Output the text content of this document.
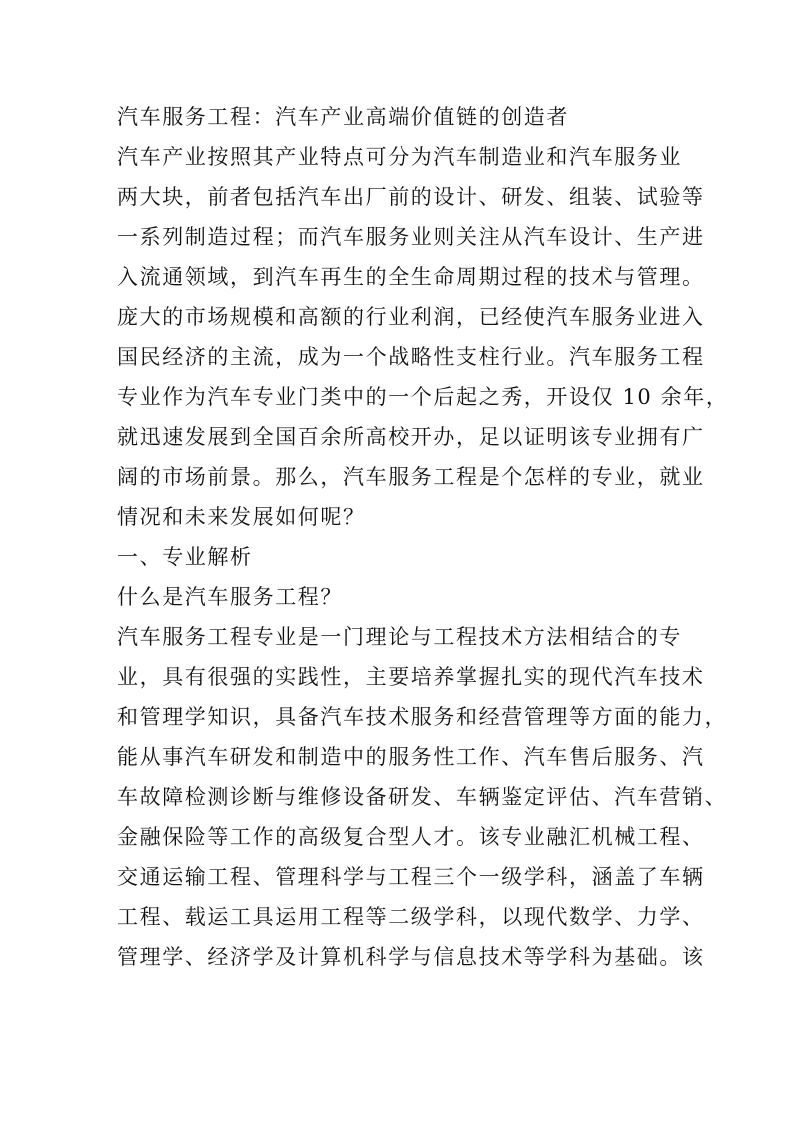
汽车服务工程：汽车产业高端价值链的创造者
汽车产业按照其产业特点可分为汽车制造业和汽车服务业
两大块，前者包括汽车出厂前的设计、研发、组装、试验等
一系列制造过程；而汽车服务业则关注从汽车设计、生产进
入流通领域，到汽车再生的全生命周期过程的技术与管理。
庞大的市场规模和高额的行业利润，已经使汽车服务业进入
国民经济的主流，成为一个战略性支柱行业。汽车服务工程
专业作为汽车专业门类中的一个后起之秀，开设仅 10 余年，
就迅速发展到全国百余所高校开办，足以证明该专业拥有广
阔的市场前景。那么，汽车服务工程是个怎样的专业，就业
情况和未来发展如何呢？
一、专业解析
什么是汽车服务工程？
汽车服务工程专业是一门理论与工程技术方法相结合的专
业，具有很强的实践性，主要培养掌握扎实的现代汽车技术
和管理学知识，具备汽车技术服务和经营管理等方面的能力，
能从事汽车研发和制造中的服务性工作、汽车售后服务、汽
车故障检测诊断与维修设备研发、车辆鉴定评估、汽车营销、
金融保险等工作的高级复合型人才。该专业融汇机械工程、
交通运输工程、管理科学与工程三个一级学科，涵盖了车辆
工程、载运工具运用工程等二级学科，以现代数学、力学、
管理学、经济学及计算机科学与信息技术等学科为基础。该
